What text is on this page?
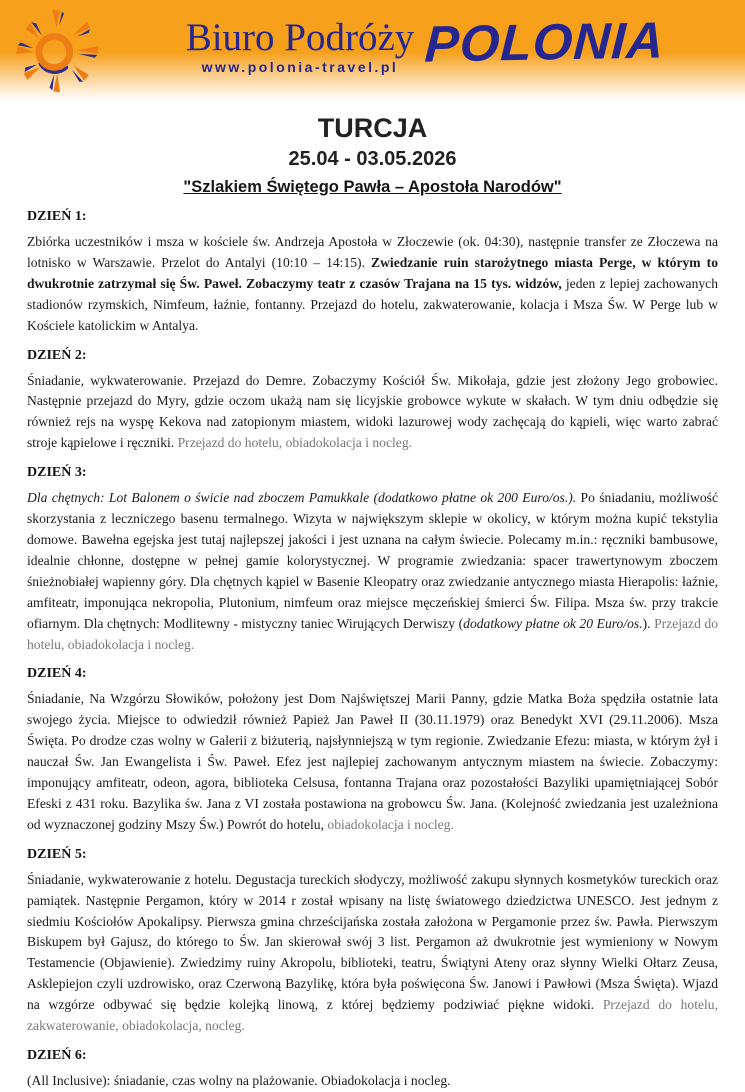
Biuro Podróży
www.polonia-travel.pl POLONIA
TURCJA
25.04 - 03.05.2026
"Szlakiem Świętego Pawła – Apostoła Narodów"
DZIEŃ 1:

Zbiórka uczestników i msza w kościele św. Andrzeja Apostoła w Złoczewie (ok. 04:30), następnie transfer ze Złoczewa na lotnisko w Warszawie. Przelot do Antalyi (10:10 – 14:15). Zwiedzanie ruin starożytnego miasta Perge, w którym to dwukrotnie zatrzymał się Św. Paweł. Zobaczymy teatr z czasów Trajana na 15 tys. widzów, jeden z lepiej zachowanych stadionów rzymskich, Nimfeum, łaźnie, fontanny. Przejazd do hotelu, zakwaterowanie, kolacja i Msza Św. W Perge lub w Kościele katolickim w Antalya.

DZIEŃ 2:

Śniadanie, wykwaterowanie. Przejazd do Demre. Zobaczymy Kościół Św. Mikołaja, gdzie jest złożony Jego grobowiec. Następnie przejazd do Myry, gdzie oczom ukażą nam się licyjskie grobowce wykute w skałach. W tym dniu odbędzie się również rejs na wyspę Kekova nad zatopionym miastem, widoki lazurowej wody zachęcają do kąpieli, więc warto zabrać stroje kąpielowe i ręczniki. Przejazd do hotelu, obiadokolacja i nocleg.

DZIEŃ 3:

Dla chętnych: Lot Balonem o świcie nad zboczem Pamukkale (dodatkowo płatne ok 200 Euro/os.). Po śniadaniu, możliwość skorzystania z leczniczego basenu termalnego. Wizyta w największym sklepie w okolicy, w którym można kupić tekstylia domowe. Bawełna egejska jest tutaj najlepszej jakości i jest uznana na całym świecie. Polecamy m.in.: ręczniki bambusowe, idealnie chłonne, dostępne w pełnej gamie kolorystycznej. W programie zwiedzania: spacer trawertynowym zboczem śnieżnobiałej wapienny góry. Dla chętnych kąpiel w Basenie Kleopatry oraz zwiedzanie antycznego miasta Hierapolis: łaźnie, amfiteatr, imponująca nekropolia, Plutonium, nimfeum oraz miejsce męczeńskiej śmierci Św. Filipa. Msza św. przy trakcie ofiarnym. Dla chętnych: Modlitewny - mistyczny taniec Wirujących Derwiszy (dodatkowy płatne ok 20 Euro/os.). Przejazd do hotelu, obiadokolacja i nocleg.

DZIEŃ 4:

Śniadanie, Na Wzgórzu Słowików, położony jest Dom Najświętszej Marii Panny, gdzie Matka Boża spędziła ostatnie lata swojego życia. Miejsce to odwiedził również Papież Jan Paweł II (30.11.1979) oraz Benedykt XVI (29.11.2006). Msza Święta. Po drodze czas wolny w Galerii z biżuterią, najsłynniejszą w tym regionie. Zwiedzanie Efezu: miasta, w którym żył i nauczał Św. Jan Ewangelista i Św. Paweł. Efez jest najlepiej zachowanym antycznym miastem na świecie. Zobaczymy: imponujący amfiteatr, odeon, agora, biblioteka Celsusa, fontanna Trajana oraz pozostałości Bazyliki upamiętniającej Sobór Efeski z 431 roku. Bazylika św. Jana z VI została postawiona na grobowcu Św. Jana. (Kolejność zwiedzania jest uzależniona od wyznaczonej godziny Mszy Św.) Powrót do hotelu, obiadokolacja i nocleg.

DZIEŃ 5:

Śniadanie, wykwaterowanie z hotelu. Degustacja tureckich słodyczy, możliwość zakupu słynnych kosmetyków tureckich oraz pamiątek. Następnie Pergamon, który w 2014 r został wpisany na listę światowego dziedzictwa UNESCO. Jest jednym z siedmiu Kościołów Apokalipsy. Pierwsza gmina chrześcijańska została założona w Pergamonie przez św. Pawła. Pierwszym Biskupem był Gajusz, do którego to Św. Jan skierował swój 3 list. Pergamon aż dwukrotnie jest wymieniony w Nowym Testamencie (Objawienie). Zwiedzimy ruiny Akropolu, biblioteki, teatru, Świątyni Ateny oraz słynny Wielki Ołtarz Zeusa, Asklepiejon czyli uzdrowisko, oraz Czerwoną Bazylikę, która była poświęcona Św. Janowi i Pawłowi (Msza Święta). Wjazd na wzgórze odbywać się będzie kolejką linową, z której będziemy podziwiać piękne widoki. Przejazd do hotelu, zakwaterowanie, obiadokolacja, nocleg.

DZIEŃ 6:

(All Inclusive): śniadanie, czas wolny na plażowanie. Obiadokolacja i nocleg.
